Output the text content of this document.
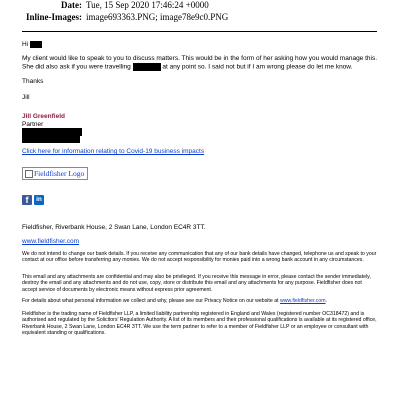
Date: Tue, 15 Sep 2020 17:46:24 +0000
Inline-Images: image693363.PNG; image78e9c0.PNG
Hi
My client would like to speak to you to discuss matters. This would be in the form of her asking how you would manage this. She did also ask if you were travelling	at any point so. I said not but if I am wrong please do let me know.
Thanks
Jill
Jill Greenfield
Partner
Click here for information relating to Covid-19 business impacts
Fieldfisher Logo
f	in
Fieldfisher, Riverbank House, 2 Swan Lane, London EC4R 3TT.
www.fieldfisher.com
We do not intend to change our bank details. If you receive any communication that any of our bank details have changed, telephone us and speak to your contact at our office before transferring any monies. We do not accept responsibility for monies paid into a wrong bank account in any circumstances.
This email and any attachments are confidential and may also be privileged. If you receive this message in error, please contact the sender immediately, destroy the email and any attachments and do not use, copy, store or distribute this email and any attachments for any purpose. Fieldfisher does not accept service of documents by electronic means without express prior agreement.
For details about what personal information we collect and why, please see our Privacy Notice on our website at www.fieldfisher.com.
Fieldfisher is the trading name of Fieldfisher LLP, a limited liability partnership registered in England and Wales (registered number OC318472) and is authorised and regulated by the Solicitors' Regulation Authority. A list of its members and their professional qualifications is available at its registered office, Riverbank House, 2 Swan Lane, London EC4R 3TT. We use the term partner to refer to a member of Fieldfisher LLP or an employee or consultant with equivalent standing or qualifications.
